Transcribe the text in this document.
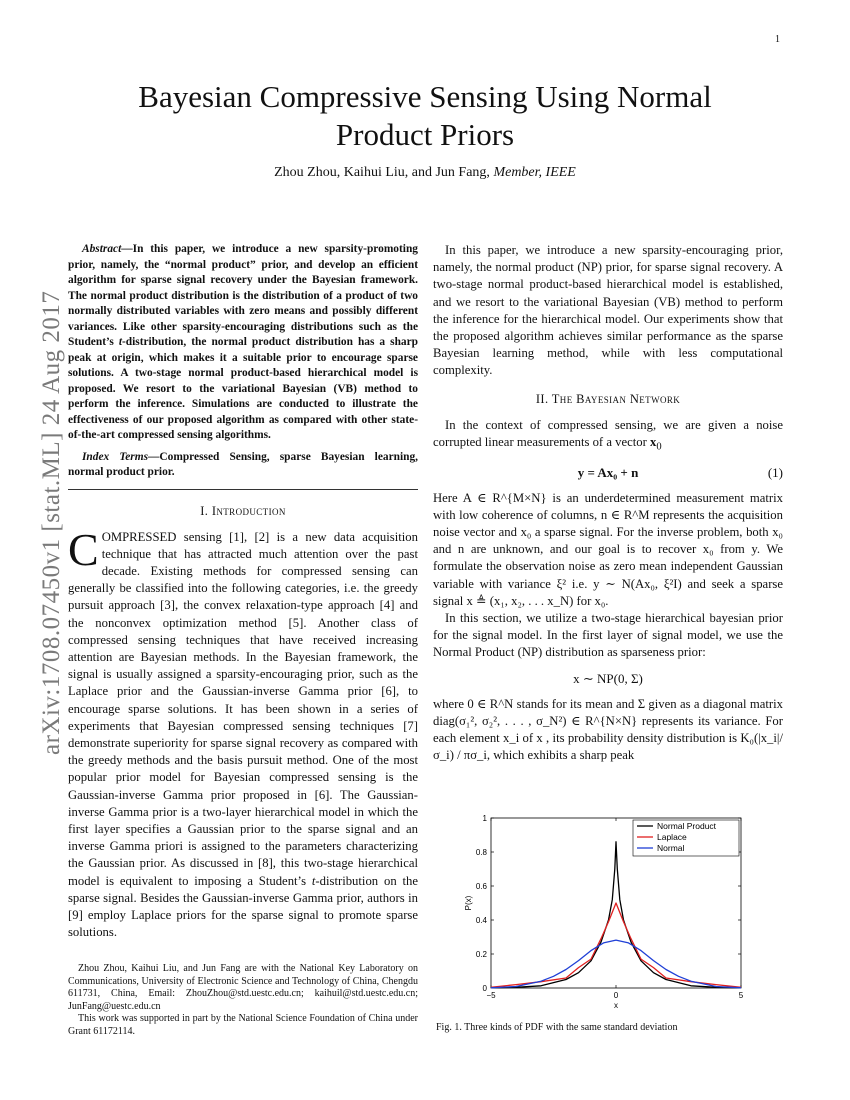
1
arXiv:1708.07450v1 [stat.ML] 24 Aug 2017
Bayesian Compressive Sensing Using Normal
Product Priors
Zhou Zhou, Kaihui Liu, and Jun Fang, Member, IEEE

Abstract—In this paper, we introduce a new sparsity-promoting prior, namely, the “normal product” prior, and develop an efficient algorithm for sparse signal recovery under the Bayesian framework. The normal product distribution is the distribution of a product of two normally distributed variables with zero means and possibly different variances. Like other sparsity-encouraging distributions such as the Student’s t-distribution, the normal product distribution has a sharp peak at origin, which makes it a suitable prior to encourage sparse solutions. A two-stage normal product-based hierarchical model is proposed. We resort to the variational Bayesian (VB) method to perform the inference. Simulations are conducted to illustrate the effectiveness of our proposed algorithm as compared with other state-of-the-art compressed sensing algorithms.

Index Terms—Compressed Sensing, sparse Bayesian learning, normal product prior.

I. Introduction

COMPRESSED sensing [1], [2] is a new data acquisition technique that has attracted much attention over the past decade. Existing methods for compressed sensing can generally be classified into the following categories, i.e. the greedy pursuit approach [3], the convex relaxation-type approach [4] and the nonconvex optimization method [5]. Another class of compressed sensing techniques that have received increasing attention are Bayesian methods. In the Bayesian framework, the signal is usually assigned a sparsity-encouraging prior, such as the Laplace prior and the Gaussian-inverse Gamma prior [6], to encourage sparse solutions. It has been shown in a series of experiments that Bayesian compressed sensing techniques [7] demonstrate superiority for sparse signal recovery as compared with the greedy methods and the basis pursuit method. One of the most popular prior model for Bayesian compressed sensing is the Gaussian-inverse Gamma prior proposed in [6]. The Gaussian-inverse Gamma prior is a two-layer hierarchical model in which the first layer specifies a Gaussian prior to the sparse signal and an inverse Gamma priori is assigned to the parameters characterizing the Gaussian prior. As discussed in [8], this two-stage hierarchical model is equivalent to imposing a Student’s t-distribution on the sparse signal. Besides the Gaussian-inverse Gamma prior, authors in [9] employ Laplace priors for the sparse signal to promote sparse solutions.

Zhou Zhou, Kaihui Liu, and Jun Fang are with the National Key Laboratory on Communications, University of Electronic Science and Technology of China, Chengdu 611731, China, Email: ZhouZhou@std.uestc.edu.cn; kaihuil@std.uestc.edu.cn; JunFang@uestc.edu.cn

This work was supported in part by the National Science Foundation of China under Grant 61172114.

In this paper, we introduce a new sparsity-encouraging prior, namely, the normal product (NP) prior, for sparse signal recovery. A two-stage normal product-based hierarchical model is established, and we resort to the variational Bayesian (VB) method to perform the inference for the hierarchical model. Our experiments show that the proposed algorithm achieves similar performance as the sparse Bayesian learning method, while with less computational complexity.

II. The Bayesian Network

In the context of compressed sensing, we are given a noise corrupted linear measurements of a vector $x_0$

y = Ax₀ + n	(1)

Here A ∈ R^{M×N} is an underdetermined measurement matrix with low coherence of columns, n ∈ R^M represents the acquisition noise vector and x₀ a sparse signal. For the inverse problem, both x₀ and n are unknown, and our goal is to recover x₀ from y. We formulate the observation noise as zero mean independent Gaussian variable with variance ξ² i.e. y ∼ N(Ax₀, ξ²I) and seek a sparse signal x ≜ (x₁, x₂, . . . x_N) for x₀.

In this section, we utilize a two-stage hierarchical bayesian prior for the signal model. In the first layer of signal model, we use the Normal Product (NP) distribution as sparseness prior:

x ∼ NP(0, Σ)

where 0 ∈ R^N stands for its mean and Σ given as a diagonal matrix diag(σ₁², σ₂², . . . , σ_N²) ∈ R^{N×N} represents its variance. For each element x_i of x , its probability density distribution is K₀(|x_i|/σ_i) / πσ_i, which exhibits a sharp peak

0
0.2
0.4
0.6
0.8
1
−5	0	5
x
P(x)
Normal Product
Laplace
Normal
Fig. 1. Three kinds of PDF with the same standard deviation
